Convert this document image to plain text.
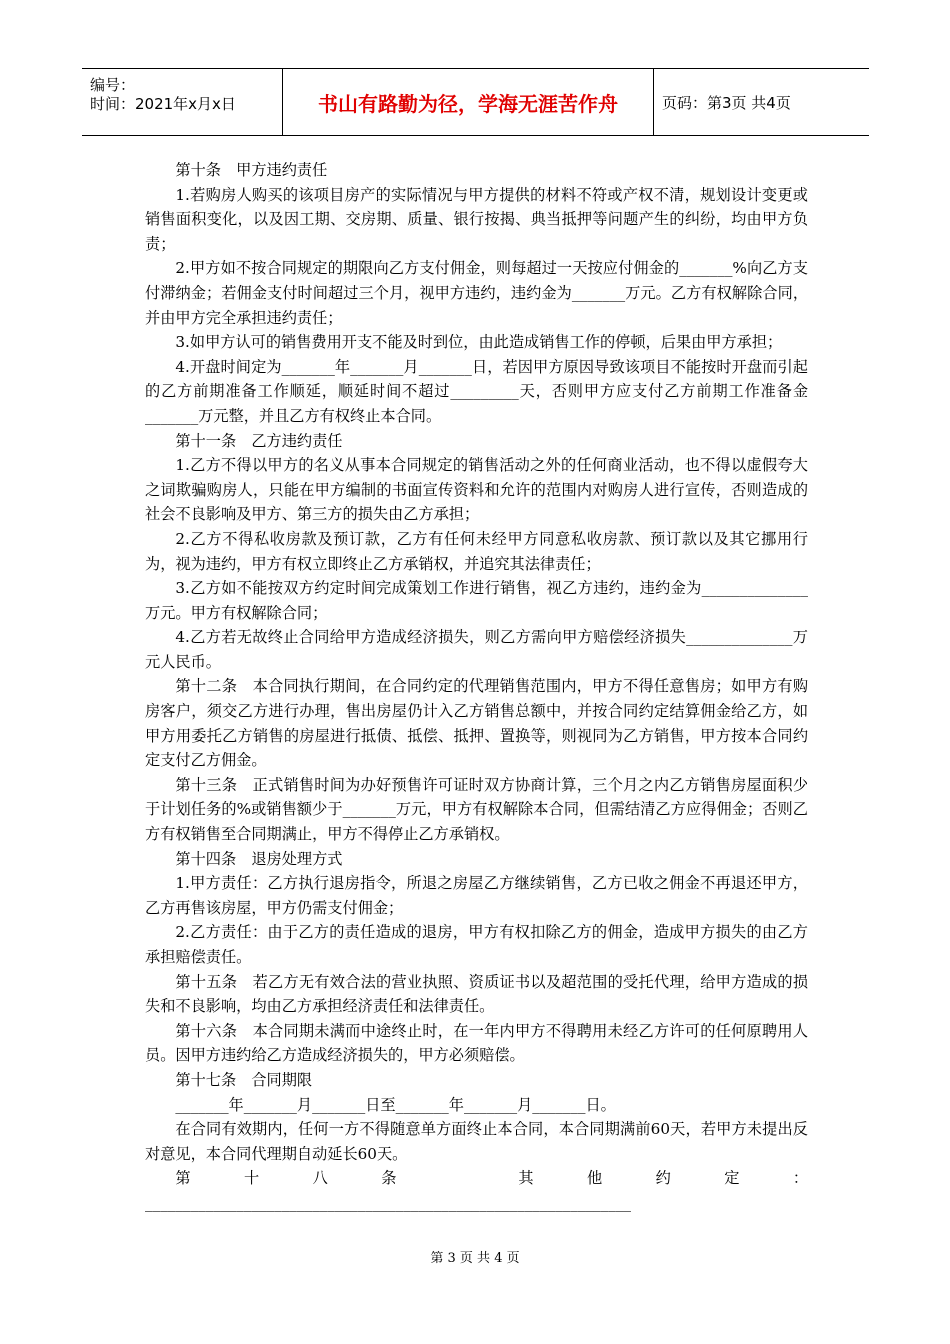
编号：
时间：2021年x月x日	书山有路勤为径，学海无涯苦作舟	页码：第3页 共4页

第十条　甲方违约责任

1.若购房人购买的该项目房产的实际情况与甲方提供的材料不符或产权不清，规划设计变更或销售面积变化，以及因工期、交房期、质量、银行按揭、典当抵押等问题产生的纠纷，均由甲方负责；

2.甲方如不按合同规定的期限向乙方支付佣金，则每超过一天按应付佣金的_______%向乙方支付滞纳金；若佣金支付时间超过三个月，视甲方违约，违约金为_______万元。乙方有权解除合同，并由甲方完全承担违约责任；

3.如甲方认可的销售费用开支不能及时到位，由此造成销售工作的停顿，后果由甲方承担；

4.开盘时间定为_______年_______月_______日，若因甲方原因导致该项目不能按时开盘而引起的乙方前期准备工作顺延，顺延时间不超过_________天，否则甲方应支付乙方前期工作准备金_______万元整，并且乙方有权终止本合同。

第十一条　乙方违约责任

1.乙方不得以甲方的名义从事本合同规定的销售活动之外的任何商业活动，也不得以虚假夸大之词欺骗购房人，只能在甲方编制的书面宣传资料和允许的范围内对购房人进行宣传，否则造成的社会不良影响及甲方、第三方的损失由乙方承担；

2.乙方不得私收房款及预订款，乙方有任何未经甲方同意私收房款、预订款以及其它挪用行为，视为违约，甲方有权立即终止乙方承销权，并追究其法律责任；

3.乙方如不能按双方约定时间完成策划工作进行销售，视乙方违约，违约金为______________万元。甲方有权解除合同；

4.乙方若无故终止合同给甲方造成经济损失，则乙方需向甲方赔偿经济损失______________万元人民币。

第十二条　本合同执行期间，在合同约定的代理销售范围内，甲方不得任意售房；如甲方有购房客户，须交乙方进行办理，售出房屋仍计入乙方销售总额中，并按合同约定结算佣金给乙方，如甲方用委托乙方销售的房屋进行抵债、抵偿、抵押、置换等，则视同为乙方销售，甲方按本合同约定支付乙方佣金。

第十三条　正式销售时间为办好预售许可证时双方协商计算，三个月之内乙方销售房屋面积少于计划任务的%或销售额少于_______万元，甲方有权解除本合同，但需结清乙方应得佣金；否则乙方有权销售至合同期满止，甲方不得停止乙方承销权。

第十四条　退房处理方式

1.甲方责任：乙方执行退房指令，所退之房屋乙方继续销售，乙方已收之佣金不再退还甲方，乙方再售该房屋，甲方仍需支付佣金；

2.乙方责任：由于乙方的责任造成的退房，甲方有权扣除乙方的佣金，造成甲方损失的由乙方承担赔偿责任。

第十五条　若乙方无有效合法的营业执照、资质证书以及超范围的受托代理，给甲方造成的损失和不良影响，均由乙方承担经济责任和法律责任。

第十六条　本合同期未满而中途终止时，在一年内甲方不得聘用未经乙方许可的任何原聘用人员。因甲方违约给乙方造成经济损失的，甲方必须赔偿。

第十七条　合同期限

_______年_______月_______日至_______年_______月_______日。

在合同有效期内，任何一方不得随意单方面终止本合同，本合同期满前60天，若甲方未提出反对意见，本合同代理期自动延长60天。

第十八条　其他约定：________________________________________________________________

第 3 页 共 4 页
